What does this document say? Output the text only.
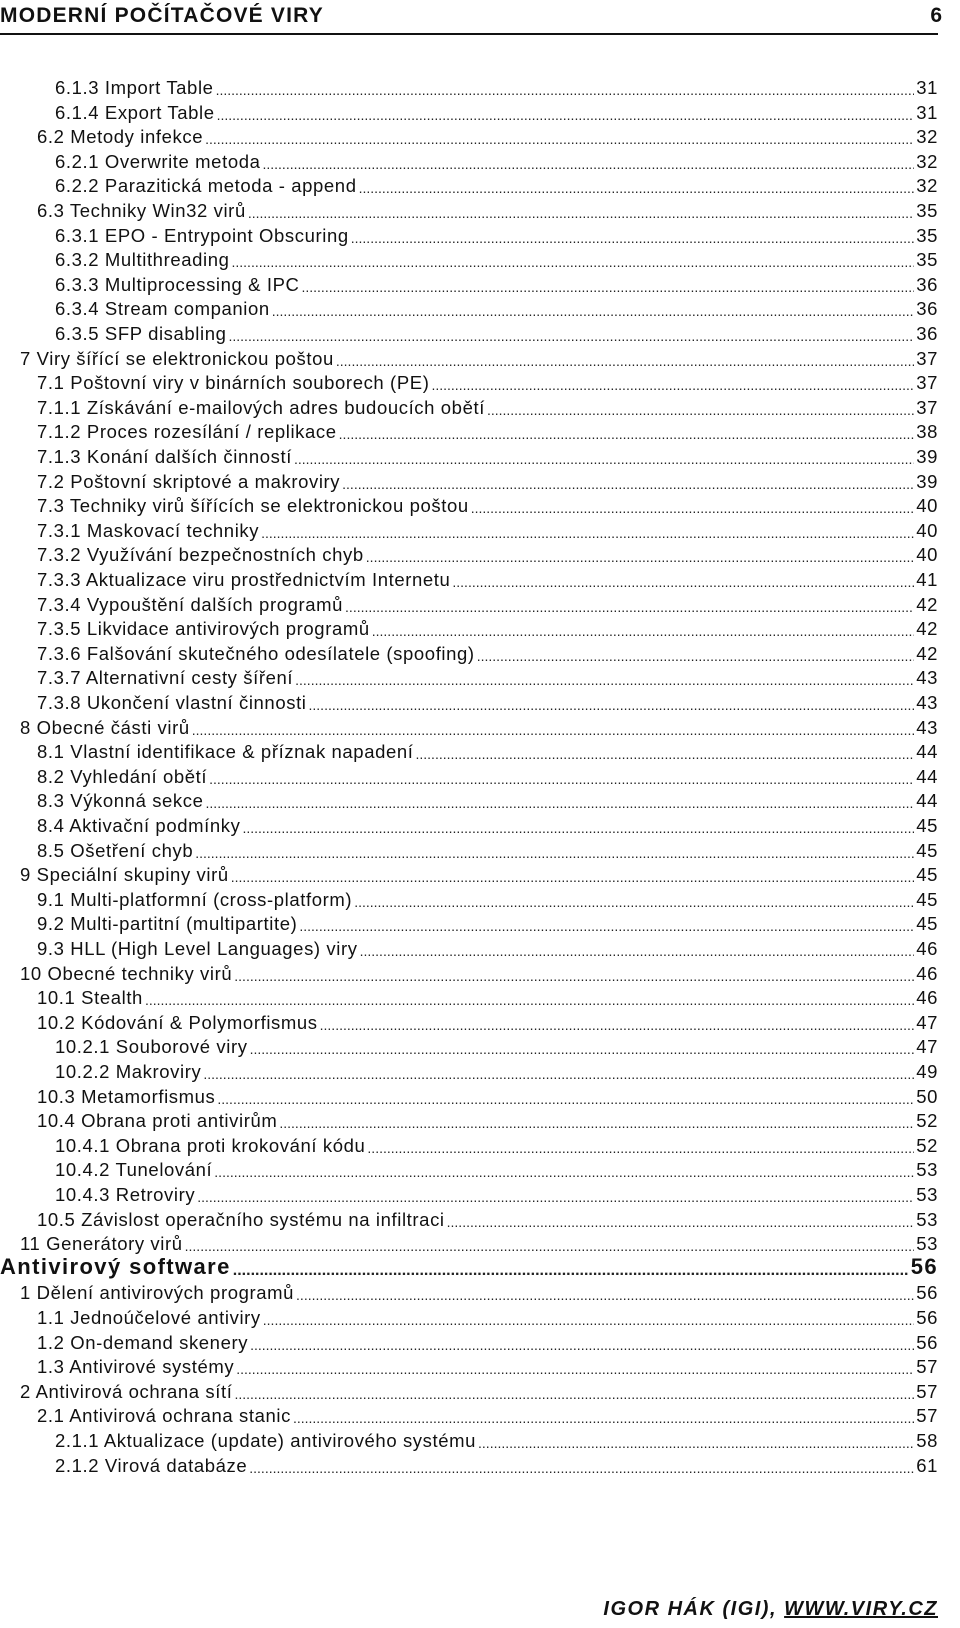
MODERNÍ POČÍTAČOVÉ VIRY	6
6.1.3 Import Table .....	31
6.1.4 Export Table .....	31
6.2 Metody infekce .....	32
6.2.1 Overwrite metoda .....	32
6.2.2 Parazitická metoda - append .....	32
6.3 Techniky Win32 virů .....	35
6.3.1 EPO - Entrypoint Obscuring .....	35
6.3.2 Multithreading .....	35
6.3.3 Multiprocessing & IPC .....	36
6.3.4 Stream companion .....	36
6.3.5 SFP disabling .....	36
7 Viry šířící se elektronickou poštou .....	37
7.1 Poštovní viry v binárních souborech (PE) .....	37
7.1.1 Získávání e-mailových adres budoucích obětí .....	37
7.1.2 Proces rozesílání / replikace .....	38
7.1.3 Konání dalších činností .....	39
7.2 Poštovní skriptové a makroviry .....	39
7.3 Techniky virů šířících se elektronickou poštou .....	40
7.3.1 Maskovací techniky .....	40
7.3.2 Využívání bezpečnostních chyb .....	40
7.3.3 Aktualizace viru prostřednictvím Internetu .....	41
7.3.4 Vypouštění dalších programů .....	42
7.3.5 Likvidace antivirových programů .....	42
7.3.6 Falšování skutečného odesílatele (spoofing) .....	42
7.3.7 Alternativní cesty šíření .....	43
7.3.8 Ukončení vlastní činnosti .....	43
8 Obecné části virů .....	43
8.1 Vlastní identifikace & příznak napadení .....	44
8.2 Vyhledání obětí .....	44
8.3 Výkonná sekce .....	44
8.4 Aktivační podmínky .....	45
8.5 Ošetření chyb .....	45
9 Speciální skupiny virů .....	45
9.1 Multi-platformní (cross-platform) .....	45
9.2 Multi-partitní (multipartite) .....	45
9.3 HLL (High Level Languages) viry .....	46
10 Obecné techniky virů .....	46
10.1 Stealth .....	46
10.2 Kódování & Polymorfismus .....	47
10.2.1 Souborové viry .....	47
10.2.2 Makroviry .....	49
10.3 Metamorfismus .....	50
10.4 Obrana proti antivirům .....	52
10.4.1 Obrana proti krokování kódu .....	52
10.4.2 Tunelování .....	53
10.4.3 Retroviry .....	53
10.5 Závislost operačního systému na infiltraci .....	53
11 Generátory virů .....	53
Antivirový software .....	56
1 Dělení antivirových programů .....	56
1.1 Jednoúčelové antiviry .....	56
1.2 On-demand skenery .....	56
1.3 Antivirové systémy .....	57
2 Antivirová ochrana sítí .....	57
2.1 Antivirová ochrana stanic .....	57
2.1.1 Aktualizace (update) antivirového systému .....	58
2.1.2 Virová databáze .....	61
IGOR HÁK (IGI), WWW.VIRY.CZ
